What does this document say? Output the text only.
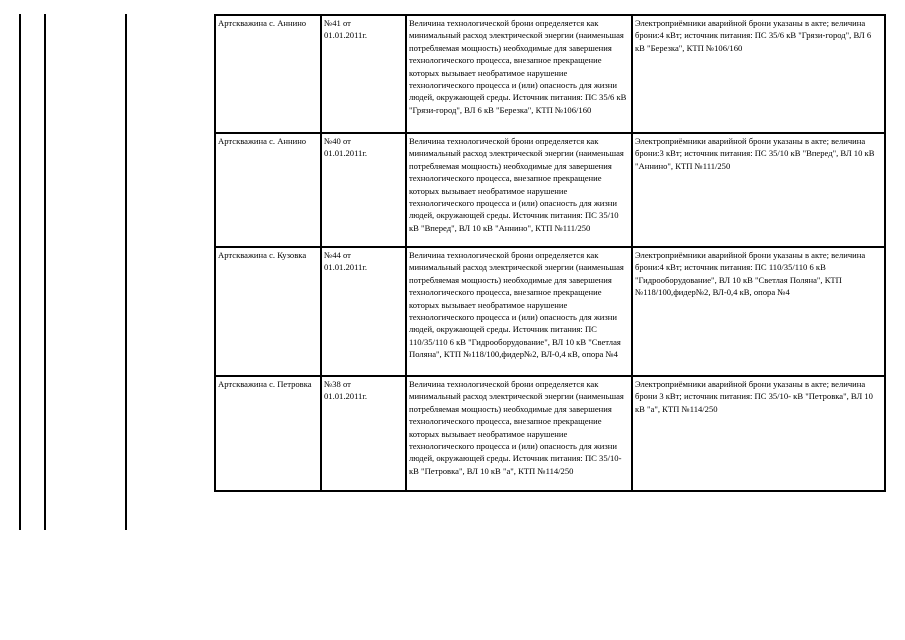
Артскважина с. Аннино	№41 от
01.01.2011г.	Величина технологической брони определяется как минимальный расход электрической энергии (наименьшая потребляемая мощность) необходимые для завершения технологического процесса, внезапное прекращение которых вызывает необратимое нарушение технологического процесса и (или) опасность для жизни людей, окружающей среды. Источник питания: ПС 35/6 кВ "Грязи-город", ВЛ 6 кВ "Березка", КТП №106/160	Электроприёмники аварийной брони указаны в акте; величина брони:4 кВт; источник питания: ПС 35/6 кВ "Грязи-город", ВЛ 6 кВ "Березка", КТП №106/160
Артскважина с. Аннино	№40 от
01.01.2011г.	Величина технологической брони определяется как минимальный расход электрической энергии (наименьшая потребляемая мощность) необходимые для завершения технологического процесса, внезапное прекращение которых вызывает необратимое нарушение технологического процесса и (или) опасность для жизни людей, окружающей среды. Источник питания: ПС 35/10 кВ "Вперед", ВЛ 10 кВ "Аннино", КТП №111/250	Электроприёмники аварийной брони указаны в акте; величина брони:3 кВт; источник питания: ПС 35/10 кВ "Вперед", ВЛ 10 кВ "Аннино", КТП №111/250
Артскважина с. Кузовка	№44 от
01.01.2011г.	Величина технологической брони определяется как минимальный расход электрической энергии (наименьшая потребляемая мощность) необходимые для завершения технологического процесса, внезапное прекращение которых вызывает необратимое нарушение технологического процесса и (или) опасность для жизни людей, окружающей среды. Источник питания: ПС 110/35/110 6 кВ "Гидрооборудование", ВЛ 10 кВ "Светлая Поляна", КТП №118/100,фидер№2, ВЛ-0,4 кВ, опора №4	Электроприёмники аварийной брони указаны в акте; величина брони:4 кВт; источник питания: ПС 110/35/110 6 кВ "Гидрооборудование", ВЛ 10 кВ "Светлая Поляна", КТП №118/100,фидер№2, ВЛ-0,4 кВ, опора №4
Артскважина с. Петровка	№38 от
01.01.2011г.	Величина технологической брони определяется как минимальный расход электрической энергии (наименьшая потребляемая мощность) необходимые для завершения технологического процесса, внезапное прекращение которых вызывает необратимое нарушение технологического процесса и (или) опасность для жизни людей, окружающей среды. Источник питания: ПС 35/10- кВ "Петровка", ВЛ 10 кВ "а", КТП №114/250	Электроприёмники аварийной брони указаны в акте; величина брони 3 кВт; источник питания: ПС 35/10- кВ "Петровка", ВЛ 10 кВ "а", КТП №114/250
